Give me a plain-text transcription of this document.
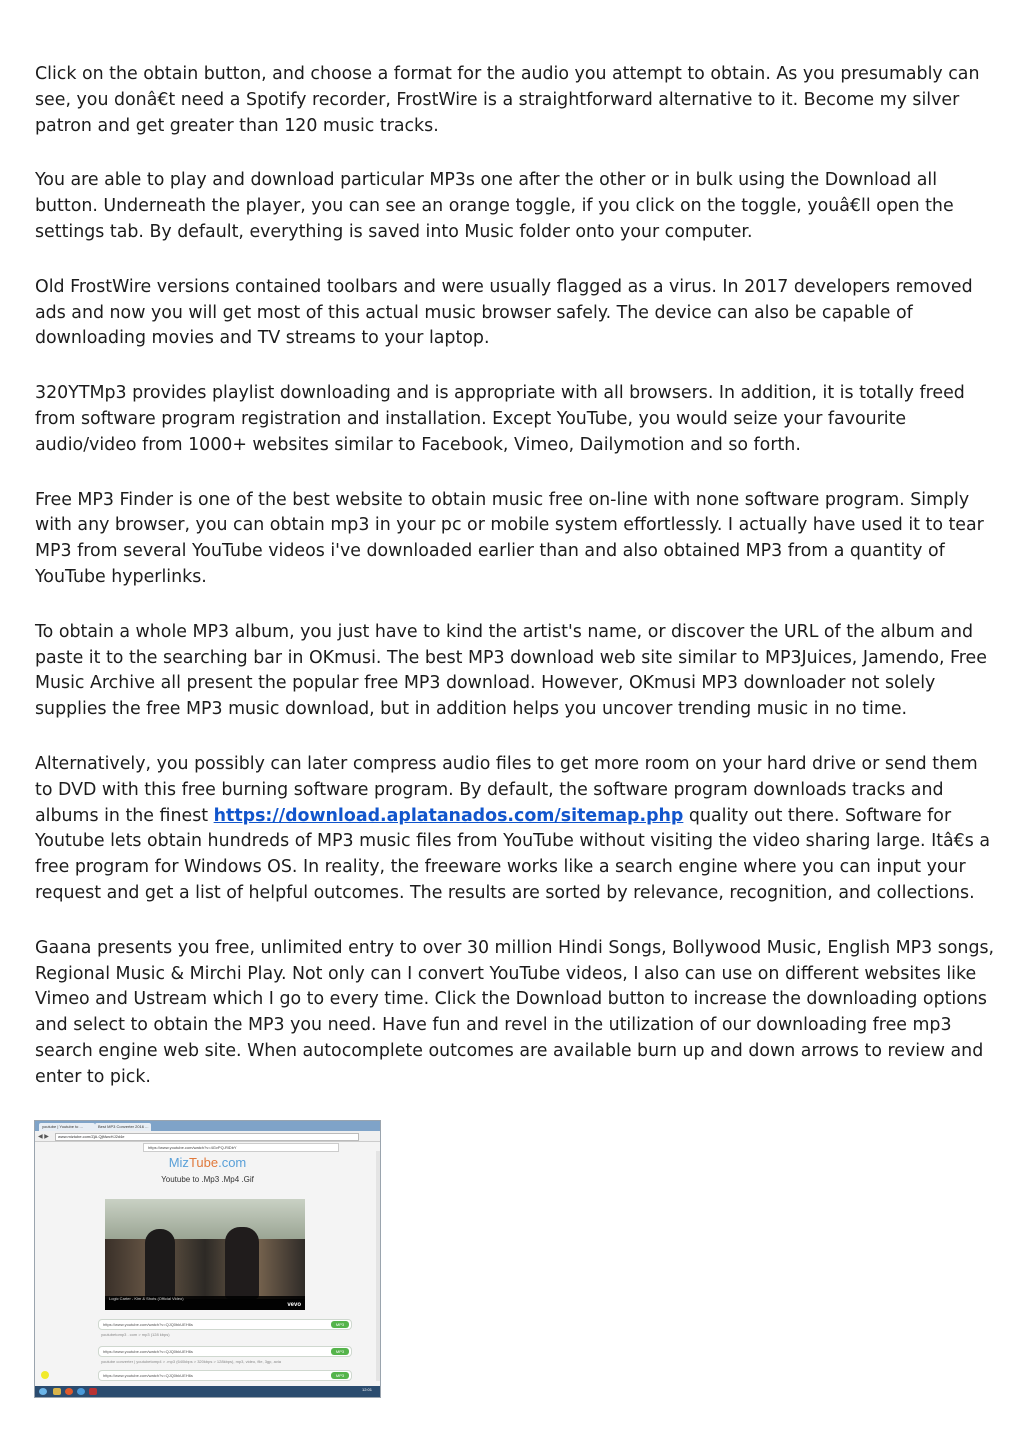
Click on the obtain button, and choose a format for the audio you attempt to obtain. As you presumably can see, you donâ€t need a Spotify recorder, FrostWire is a straightforward alternative to it. Become my silver patron and get greater than 120 music tracks.

You are able to play and download particular MP3s one after the other or in bulk using the Download all button. Underneath the player, you can see an orange toggle, if you click on the toggle, youâ€ll open the settings tab. By default, everything is saved into Music folder onto your computer.

Old FrostWire versions contained toolbars and were usually flagged as a virus. In 2017 developers removed ads and now you will get most of this actual music browser safely. The device can also be capable of downloading movies and TV streams to your laptop.

320YTMp3 provides playlist downloading and is appropriate with all browsers. In addition, it is totally freed from software program registration and installation. Except YouTube, you would seize your favourite audio/video from 1000+ websites similar to Facebook, Vimeo, Dailymotion and so forth.

Free MP3 Finder is one of the best website to obtain music free on-line with none software program. Simply with any browser, you can obtain mp3 in your pc or mobile system effortlessly. I actually have used it to tear MP3 from several YouTube videos i've downloaded earlier than and also obtained MP3 from a quantity of YouTube hyperlinks.

To obtain a whole MP3 album, you just have to kind the artist's name, or discover the URL of the album and paste it to the searching bar in OKmusi. The best MP3 download web site similar to MP3Juices, Jamendo, Free Music Archive all present the popular free MP3 download. However, OKmusi MP3 downloader not solely supplies the free MP3 music download, but in addition helps you uncover trending music in no time.

Alternatively, you possibly can later compress audio files to get more room on your hard drive or send them to DVD with this free burning software program. By default, the software program downloads tracks and albums in the finest https://download.aplatanados.com/sitemap.php quality out there. Software for Youtube lets obtain hundreds of MP3 music files from YouTube without visiting the video sharing large. Itâ€s a free program for Windows OS. In reality, the freeware works like a search engine where you can input your request and get a list of helpful outcomes. The results are sorted by relevance, recognition, and collections.

Gaana presents you free, unlimited entry to over 30 million Hindi Songs, Bollywood Music, English MP3 songs, Regional Music & Mirchi Play. Not only can I convert YouTube videos, I also can use on different websites like Vimeo and Ustream which I go to every time. Click the Download button to increase the downloading options and select to obtain the MP3 you need. Have fun and revel in the utilization of our downloading free mp3 search engine web site. When autocomplete outcomes are available burn up and down arrows to review and enter to pick.

youtube | Youtube to ...	Best MP3 Converter 2016 ...
◀ ▶	www.miztube.com/ZjA.QjMwcHJ2d4e
https://www.youtube.com/watch?v=4GvPQ-RlDbY
MizTube.com
Youtube to .Mp3 .Mp4 .Gif
Logic Carter - Kim & Shots (Official Video)
vevo
https://www.youtube.com/watch?v=QJQ0bkUEH6s	MP3
youtubetomp3 . com > mp3 (128 kbps)
https://www.youtube.com/watch?v=QJQ0bkUEH6s	MP3
youtube converter | youtubetomp4 > .mp3 (640kbps > 320kbps > 128kbps), mp3, video, file, 3gp, avia
https://www.youtube.com/watch?v=QJQ0bkUEH6s	MP3
12:01
